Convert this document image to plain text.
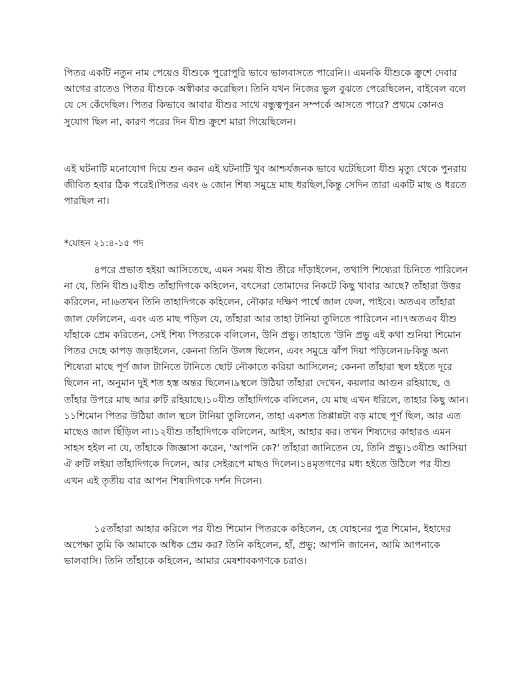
পিতর একটি নতুন নাম পেয়েও যীশুকে পুরোপুরি ভাবে ভালবাসতে পারেনি।। এমনকি যীশুকে ক্রুশে দেবার আগের রাতেও পিতর যীশুকে অস্বীকার করেছিল। তিনি যখন নিজের ভুল বুঝতে পেরেছিলেন, বাইবেল বলে যে সে কেঁদেছিল। পিতর কিভাবে আবার যীশুর সাথে বন্ধুত্বপূরন সম্পর্কে আসতে পারে? প্রথমে কোনও সুযোগ ছিল না, কারণ পরের দিন যীশু ক্রুশে মারা গিয়েছিলেন।

এই ঘটনাটি মনোযোগ দিয়ে শুন করন এই ঘটনাটি খুব আশ্চর্যজনক ভাবে ঘটেছিলো যীশু মৃত্যু থেকে পুনরায় জীবিত হবার ঠিক পরেই।পিতর এবং ৬ জোন শিষ্য সমুদ্রে মাছ ধরছিল,কিন্তু সেদিন তারা একটি মাছ ও ধরতে পারছিল না।

*যোহন ২১:৪-১৫ পদ

৪পরে প্রভাত হইয়া আসিতেছে, এমন সময় যীশু তীরে দাঁড়াইলেন, তথাপি শিষ্যেরা চিনিতে পারিলেন না যে, তিনি যীশু।৫যীশু তাঁহাদিগকে কহিলেন, বৎসেরা তোমাদের নিকটে কিছু খাবার আছে? তাঁহারা উত্তর করিলেন, না।৬তখন তিনি তাহাদিগকে কহিলেন, নৌকার দক্ষিণ পার্শ্বে জাল ফেল, পাইবে। অতএব তাঁহারা জাল ফেলিলেন, এবং এত মাছ পড়িল যে, তাঁহারা আর তাহা টানিয়া তুলিতে পারিলেন না।৭অতএব যীশু যাঁহাকে প্রেম করিতেন, সেই শিষ্য পিতরকে বলিলেন, উনি প্রভু। তাহাতে 'উনি প্রভু এই কথা শুনিয়া শিমোন পিতর দেহে কাপড় জড়াইলেন, কেননা তিনি উলঙ্গ ছিলেন, এবং সমুদ্রে ঝাঁপ দিয়া পড়িলেন।৮কিন্তু অন্য শিষ্যেরা মাছে পূর্ণ জাল টানিতে টানিতে ছোট নৌকাতে করিয়া আসিলেন; কেননা তাঁহারা স্থল হইতে দূরে ছিলেন না, অনুমান দুই শত হস্ত অন্তর ছিলেন।৯স্থলে উঠিয়া তাঁহারা দেখেন, কয়লার আগুন রহিয়াছে, ও তাঁহার উপরে মাছ আর রুটি রহিয়াছে।১০যীশু তাঁহাদিগকে বলিলেন, যে মাছ এখন ধরিলে, তাহার কিছু আন।১১শিমোন পিতর উঠিয়া জাল স্থলে টানিয়া তুলিলেন, তাহা একশত তিপ্পান্নটা বড় মাছে পূর্ণ ছিল, আর এত মাছেও জাল ছিঁড়িল না।১২যীশু তাঁহাদিগকে বলিলেন, আইস, আহার কর। তখন শিষ্যদের কাহারও এমন সাহস হইল না যে, তাঁহাকে জিজ্ঞাসা করেন, 'আপনি কে?' তাঁহারা জানিতেন যে, তিনি প্রভু।১৩যীশু আসিয়া ঐ রুটি লইয়া তাঁহাদিগকে দিলেন, আর সেইরূপে মাছও দিলেন।১৪মৃতগণের মধ্য হইতে উঠিলে পর যীশু এখন এই তৃতীয় বার আপন শিষ্যদিগকে দর্শন দিলেন।

১৫তাঁহারা আহার করিলে পর যীশু শিমোন পিতরকে কহিলেন, হে যোহনের পুত্র শিমোন, ইহাদের অপেক্ষা তুমি কি আমাকে অধিক প্রেম কর? তিনি কহিলেন, হাঁ, প্রভু; আপনি জানেন, আমি আপনাকে ভালবাসি। তিনি তাঁহাকে কহিলেন, আমার মেষশাবকগণকে চরাও।
